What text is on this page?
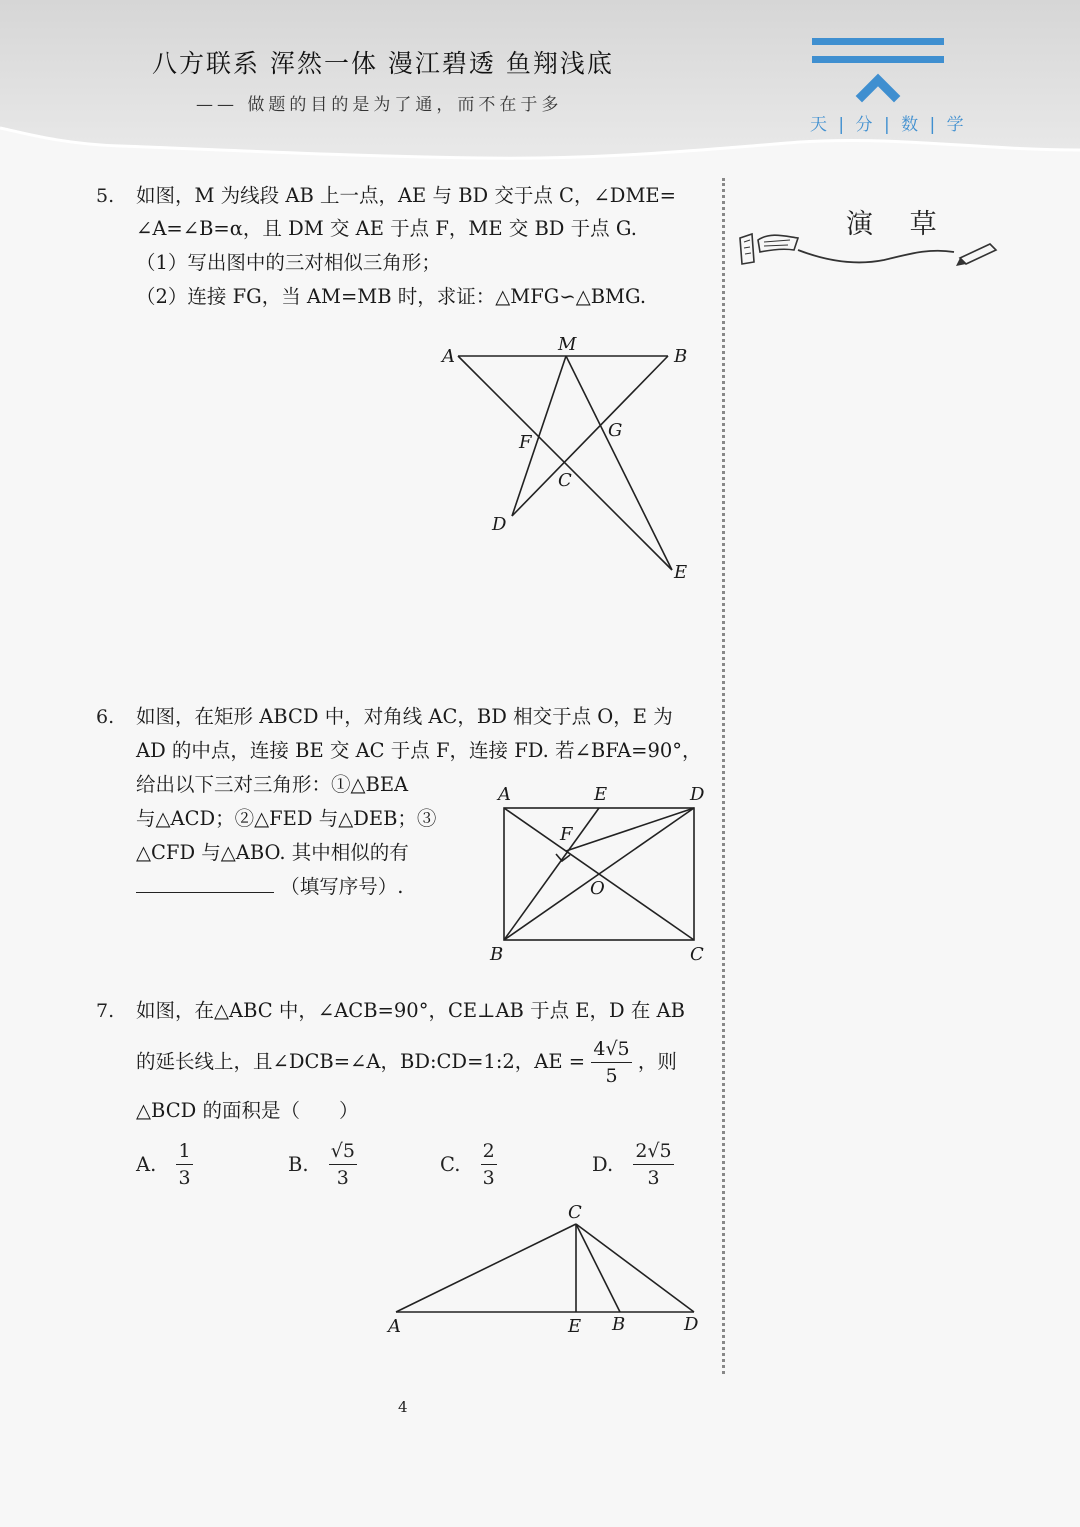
八方联系 浑然一体 漫江碧透 鱼翔浅底
—— 做题的目的是为了通，而不在于多
天 | 分 | 数 | 学
演 草
5. 如图，M 为线段 AB 上一点，AE 与 BD 交于点 C，∠DME=
∠A=∠B=α，且 DM 交 AE 于点 F，ME 交 BD 于点 G.
（1）写出图中的三对相似三角形；
（2）连接 FG，当 AM=MB 时，求证：△MFG∽△BMG.
A
M
B
F
G
C
D
E
6. 如图，在矩形 ABCD 中，对角线 AC，BD 相交于点 O，E 为
AD 的中点，连接 BE 交 AC 于点 F，连接 FD. 若∠BFA=90°，
给出以下三对三角形：①△BEA
与△ACD；②△FED 与△DEB；③
△CFD 与△ABO. 其中相似的有
（填写序号）.
A	E	D
F
O
B	C
7. 如图，在△ABC 中，∠ACB=90°，CE⊥AB 于点 E，D 在 AB
的延长线上，且∠DCB=∠A，BD:CD=1:2，AE = $\frac{4√5}{5}$ ，则
△BCD 的面积是（　　）
A. $\frac{1}{3}$	B. $\frac{√5}{3}$	C. $\frac{2}{3}$	D. $\frac{2√5}{3}$
C
A	E B	D
4
